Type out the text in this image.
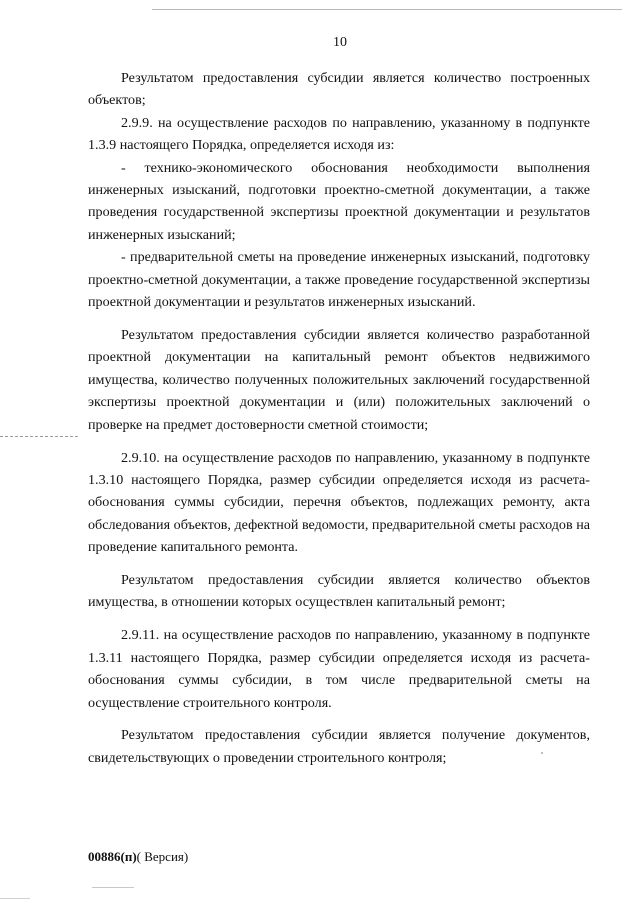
10

Результатом предоставления субсидии является количество построенных объектов;

2.9.9. на осуществление расходов по направлению, указанному в подпункте 1.3.9 настоящего Порядка, определяется исходя из:

- технико-экономического обоснования необходимости выполнения инженерных изысканий, подготовки проектно-сметной документации, а также проведения государственной экспертизы проектной документации и результатов инженерных изысканий;

- предварительной сметы на проведение инженерных изысканий, подготовку проектно-сметной документации, а также проведение государственной экспертизы проектной документации и результатов инженерных изысканий.

Результатом предоставления субсидии является количество разработанной проектной документации на капитальный ремонт объектов недвижимого имущества, количество полученных положительных заключений государственной экспертизы проектной документации и (или) положительных заключений о проверке на предмет достоверности сметной стоимости;

2.9.10. на осуществление расходов по направлению, указанному в подпункте 1.3.10 настоящего Порядка, размер субсидии определяется исходя из расчета-обоснования суммы субсидии, перечня объектов, подлежащих ремонту, акта обследования объектов, дефектной ведомости, предварительной сметы расходов на проведение капитального ремонта.

Результатом предоставления субсидии является количество объектов имущества, в отношении которых осуществлен капитальный ремонт;

2.9.11. на осуществление расходов по направлению, указанному в подпункте 1.3.11 настоящего Порядка, размер субсидии определяется исходя из расчета-обоснования суммы субсидии, в том числе предварительной сметы на осуществление строительного контроля.

Результатом предоставления субсидии является получение документов, свидетельствующих о проведении строительного контроля;

00886(п)( Версия)
